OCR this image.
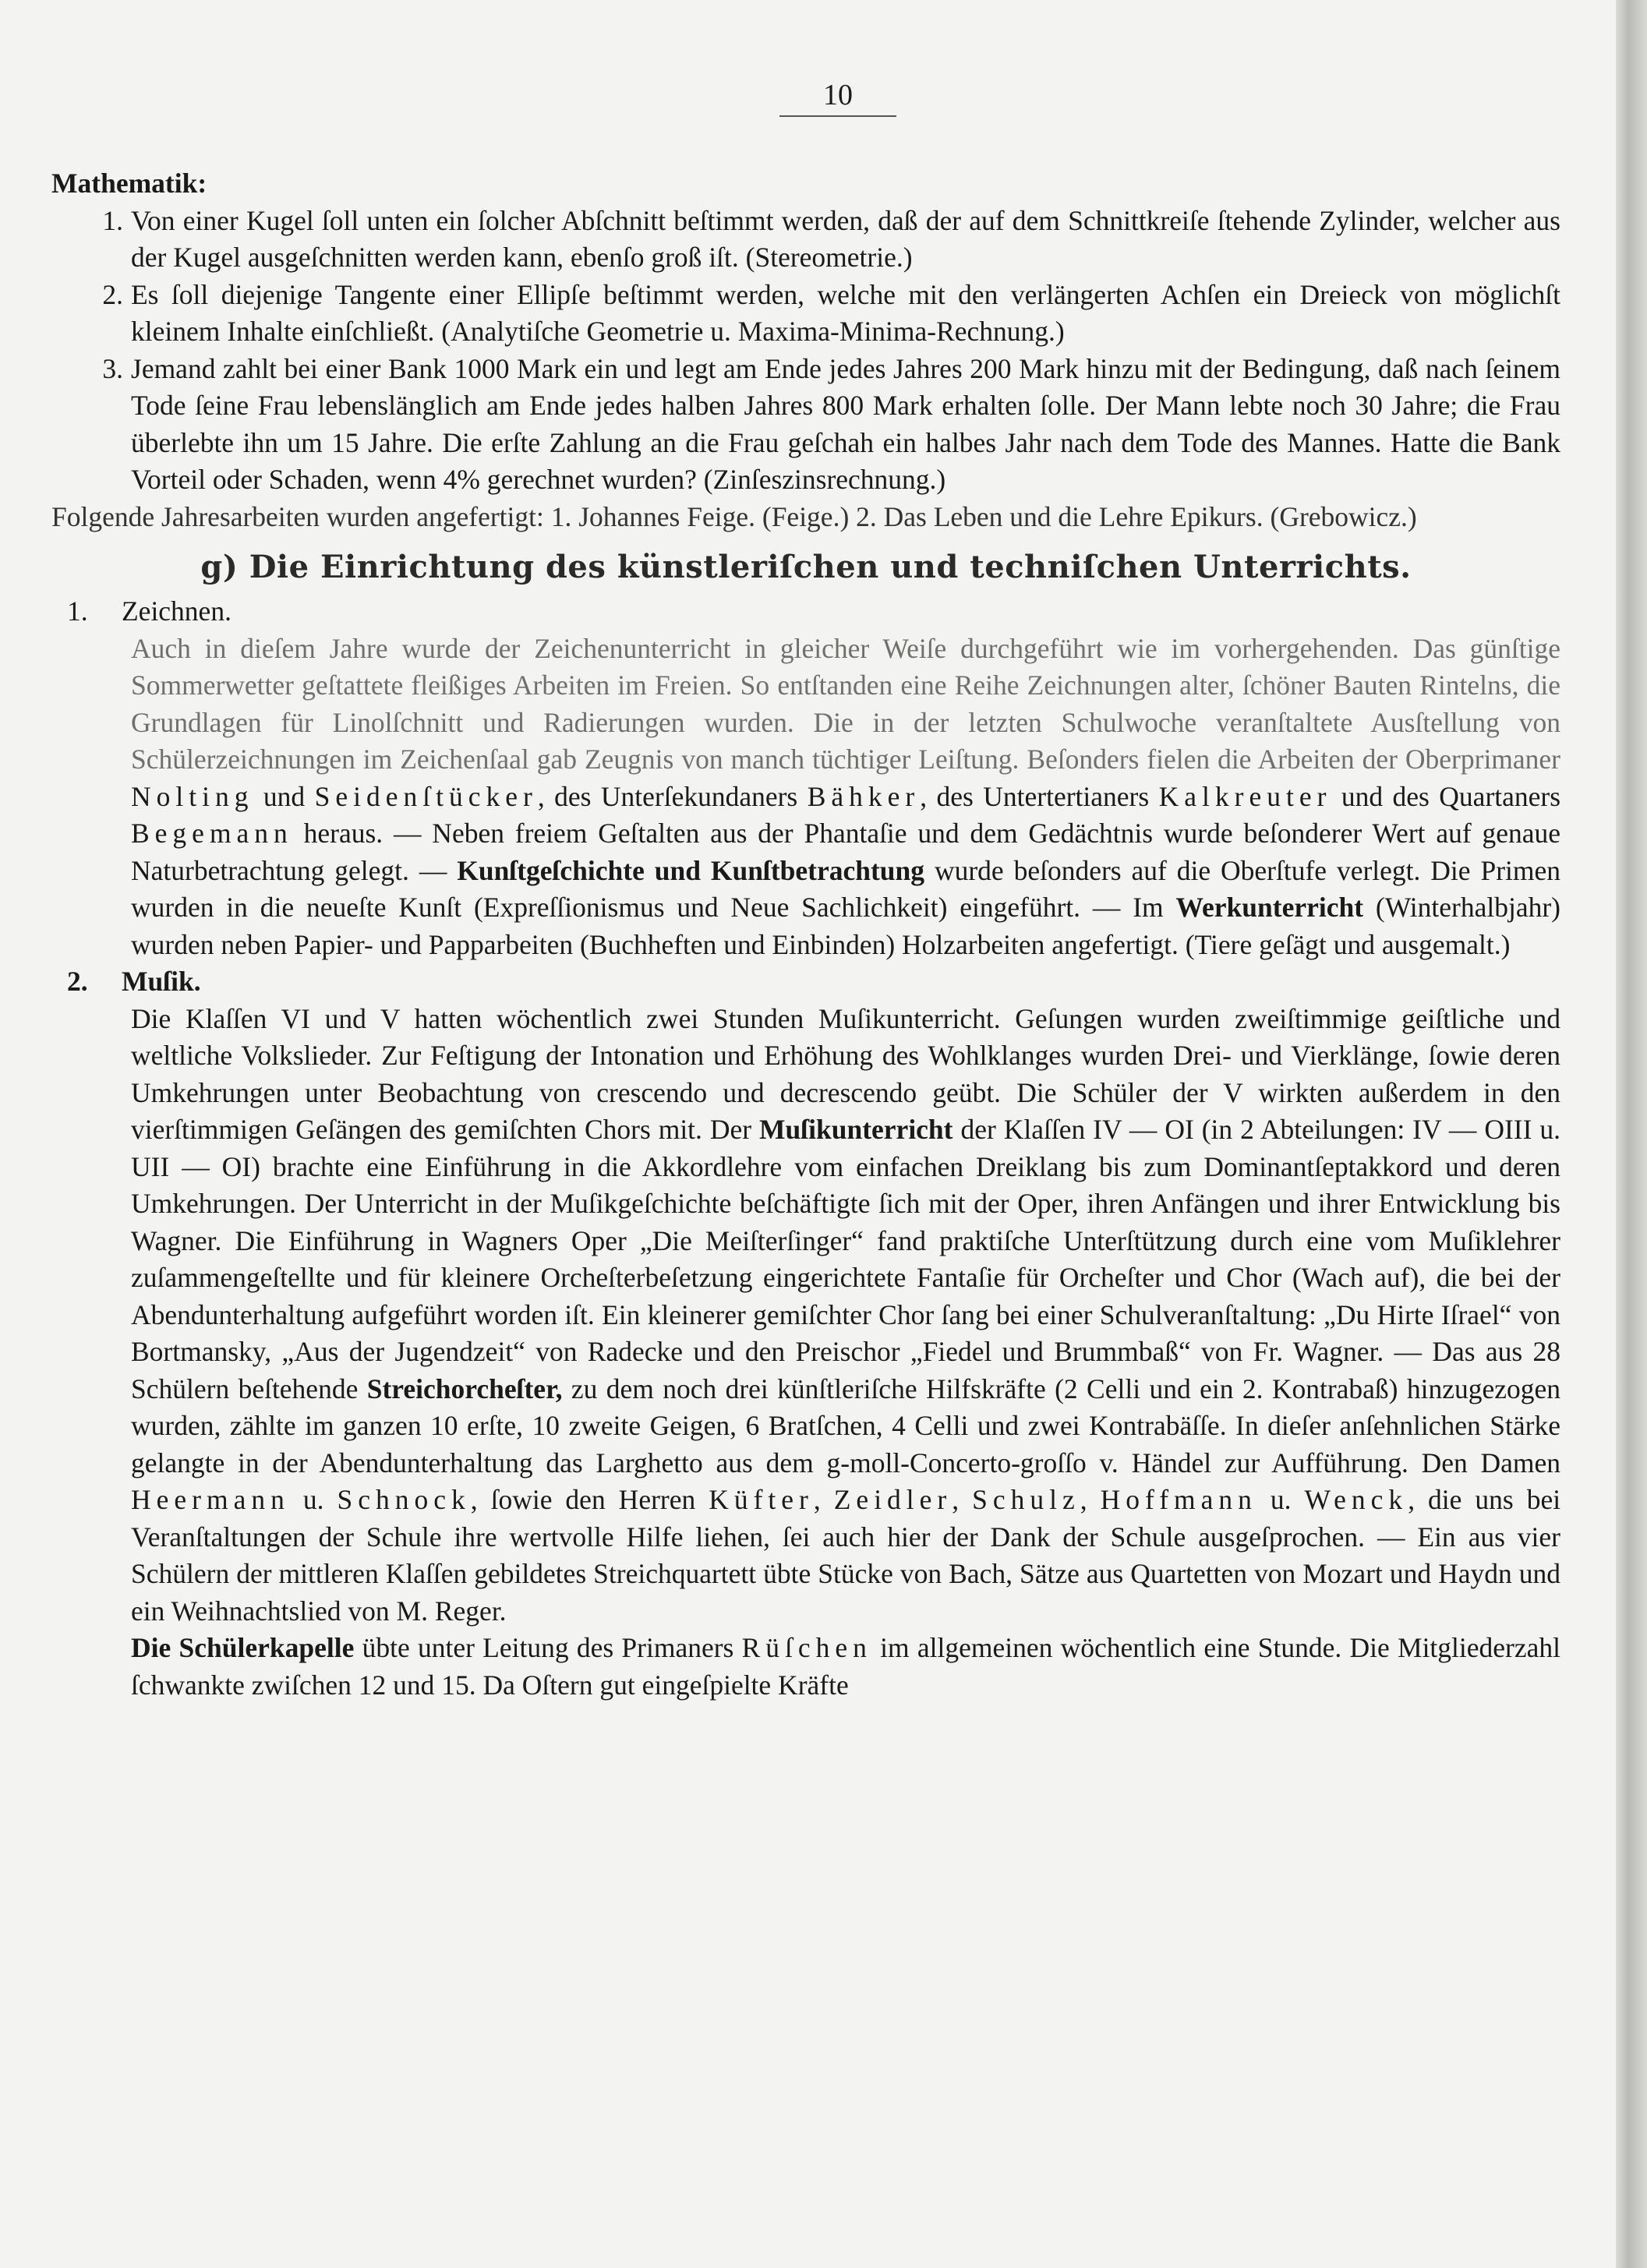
10

Mathematik:

1. Von einer Kugel ſoll unten ein ſolcher Abſchnitt beſtimmt werden, daß der auf dem Schnittkreiſe ſtehende Zylinder, welcher aus der Kugel ausgeſchnitten werden kann, ebenſo groß iſt. (Stereometrie.)

2. Es ſoll diejenige Tangente einer Ellipſe beſtimmt werden, welche mit den verlängerten Achſen ein Dreieck von möglichſt kleinem Inhalte einſchließt. (Analytiſche Geometrie u. Maxima-Minima-Rechnung.)

3. Jemand zahlt bei einer Bank 1000 Mark ein und legt am Ende jedes Jahres 200 Mark hinzu mit der Bedingung, daß nach ſeinem Tode ſeine Frau lebenslänglich am Ende jedes halben Jahres 800 Mark erhalten ſolle. Der Mann lebte noch 30 Jahre; die Frau überlebte ihn um 15 Jahre. Die erſte Zahlung an die Frau geſchah ein halbes Jahr nach dem Tode des Mannes. Hatte die Bank Vorteil oder Schaden, wenn 4% gerechnet wurden? (Zinſeszinsrechnung.)

Folgende Jahresarbeiten wurden angefertigt: 1. Johannes Feige. (Feige.) 2. Das Leben und die Lehre Epikurs. (Grebowicz.)

g) Die Einrichtung des künstleriſchen und techniſchen Unterrichts.

1. Zeichnen.

Auch in dieſem Jahre wurde der Zeichenunterricht in gleicher Weiſe durchgeführt wie im vorhergehenden. Das günſtige Sommerwetter geſtattete fleißiges Arbeiten im Freien. So entſtanden eine Reihe Zeichnungen alter, ſchöner Bauten Rintelns, die Grundlagen für Linolſchnitt und Radierungen wurden. Die in der letzten Schulwoche veranſtaltete Ausſtellung von Schülerzeichnungen im Zeichenſaal gab Zeugnis von manch tüchtiger Leiſtung. Beſonders fielen die Arbeiten der Oberprimaner Nolting und Seidenſtücker, des Unterſekundaners Bähker, des Untertertianers Kalkreuter und des Quartaners Begemann heraus. — Neben freiem Geſtalten aus der Phantaſie und dem Gedächtnis wurde beſonderer Wert auf genaue Naturbetrachtung gelegt. — Kunſtgeſchichte und Kunſtbetrachtung wurde beſonders auf die Oberſtufe verlegt. Die Primen wurden in die neueſte Kunſt (Expreſſionismus und Neue Sachlichkeit) eingeführt. — Im Werkunterricht (Winterhalbjahr) wurden neben Papier- und Papparbeiten (Buchheften und Einbinden) Holzarbeiten angefertigt. (Tiere geſägt und ausgemalt.)

2. Muſik.

Die Klaſſen VI und V hatten wöchentlich zwei Stunden Muſikunterricht. Geſungen wurden zweiſtimmige geiſtliche und weltliche Volkslieder. Zur Feſtigung der Intonation und Erhöhung des Wohlklanges wurden Drei- und Vierklänge, ſowie deren Umkehrungen unter Beobachtung von crescendo und decrescendo geübt. Die Schüler der V wirkten außerdem in den vierſtimmigen Geſängen des gemiſchten Chors mit. Der Muſikunterricht der Klaſſen IV — OI (in 2 Abteilungen: IV — OIII u. UII — OI) brachte eine Einführung in die Akkordlehre vom einfachen Dreiklang bis zum Dominantſeptakkord und deren Umkehrungen. Der Unterricht in der Muſikgeſchichte beſchäftigte ſich mit der Oper, ihren Anfängen und ihrer Entwicklung bis Wagner. Die Einführung in Wagners Oper „Die Meiſterſinger“ fand praktiſche Unterſtützung durch eine vom Muſiklehrer zuſammengeſtellte und für kleinere Orcheſterbeſetzung eingerichtete Fantaſie für Orcheſter und Chor (Wach auf), die bei der Abendunterhaltung aufgeführt worden iſt. Ein kleinerer gemiſchter Chor ſang bei einer Schulveranſtaltung: „Du Hirte Iſrael“ von Bortmansky, „Aus der Jugendzeit“ von Radecke und den Preischor „Fiedel und Brummbaß“ von Fr. Wagner. — Das aus 28 Schülern beſtehende Streichorcheſter, zu dem noch drei künſtleriſche Hilfskräfte (2 Celli und ein 2. Kontrabaß) hinzugezogen wurden, zählte im ganzen 10 erſte, 10 zweite Geigen, 6 Bratſchen, 4 Celli und zwei Kontrabäſſe. In dieſer anſehnlichen Stärke gelangte in der Abendunterhaltung das Larghetto aus dem g-moll-Concerto-groſſo v. Händel zur Aufführung. Den Damen Heermann u. Schnock, ſowie den Herren Küfter, Zeidler, Schulz, Hoffmann u. Wenck, die uns bei Veranſtaltungen der Schule ihre wertvolle Hilfe liehen, ſei auch hier der Dank der Schule ausgeſprochen. — Ein aus vier Schülern der mittleren Klaſſen gebildetes Streichquartett übte Stücke von Bach, Sätze aus Quartetten von Mozart und Haydn und ein Weihnachtslied von M. Reger.

Die Schülerkapelle übte unter Leitung des Primaners Rüſchen im allgemeinen wöchentlich eine Stunde. Die Mitgliederzahl ſchwankte zwiſchen 12 und 15. Da Oſtern gut eingeſpielte Kräfte
